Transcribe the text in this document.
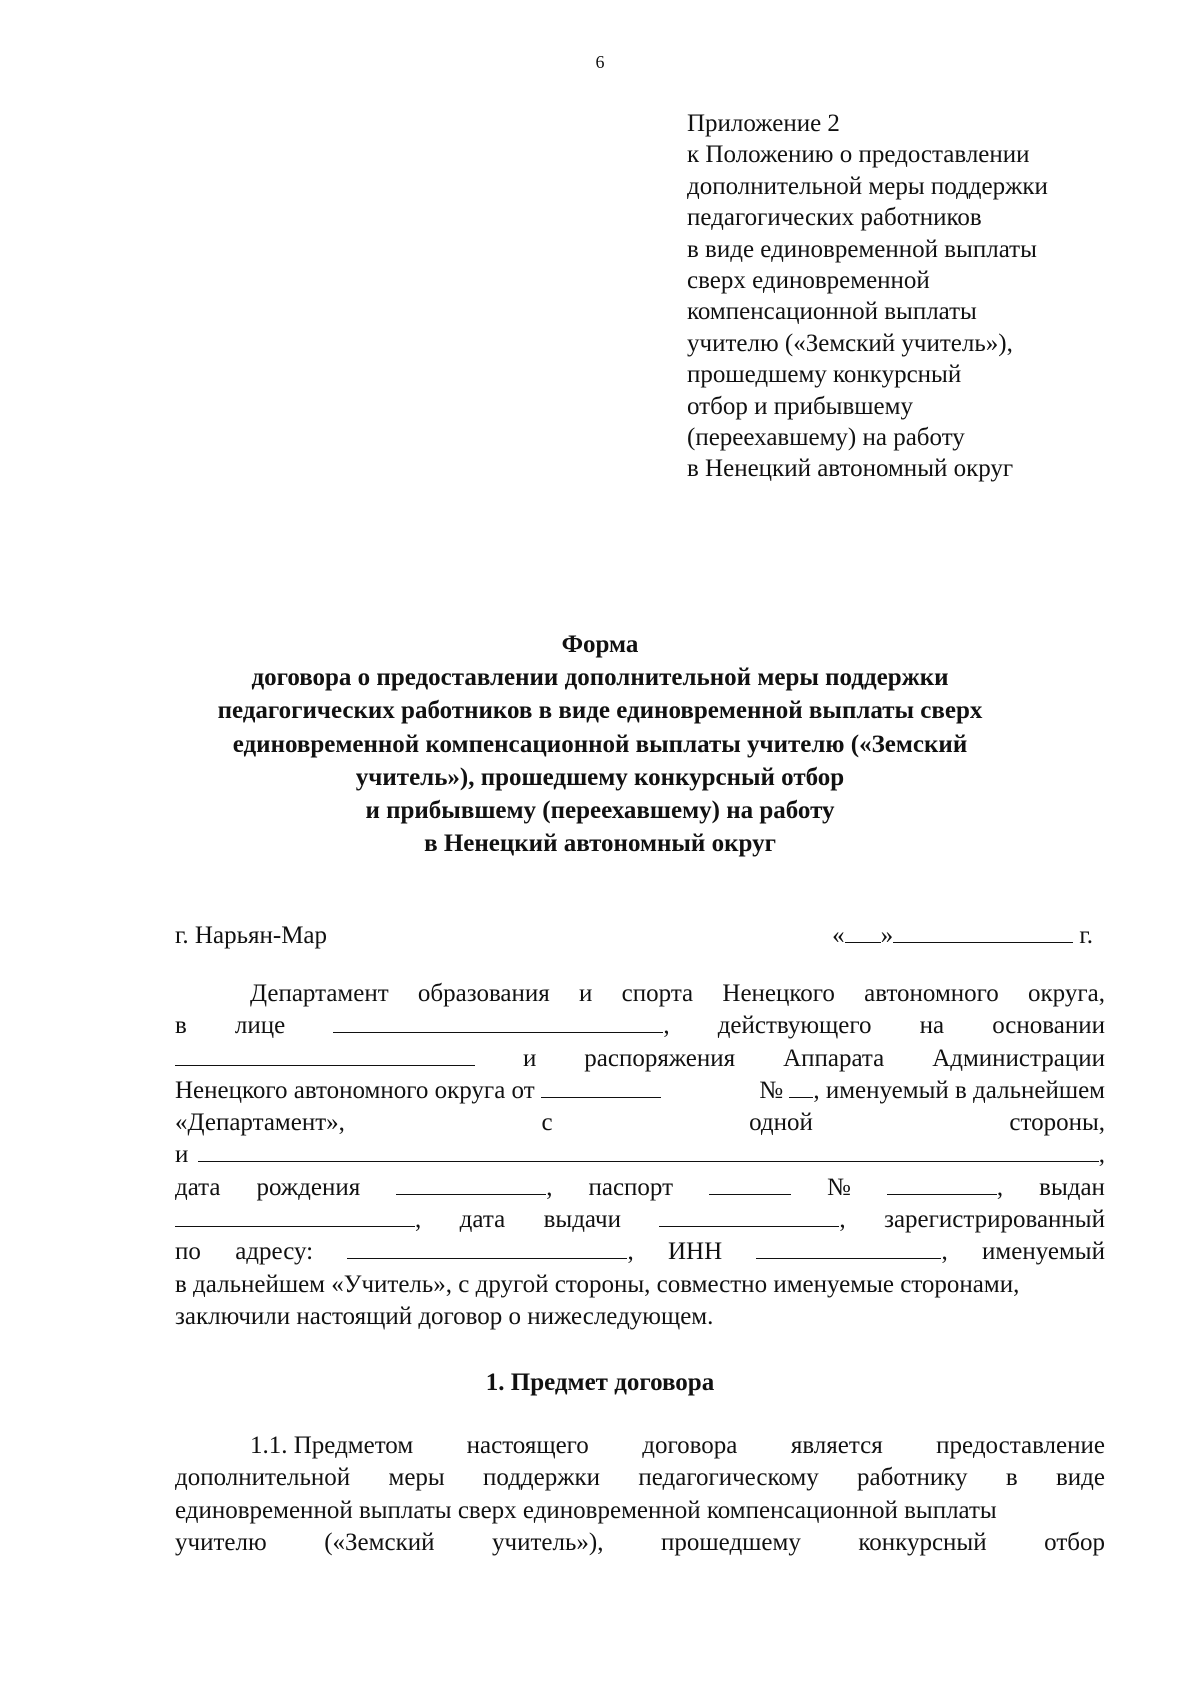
6
Приложение 2
к Положению о предоставлении
дополнительной меры поддержки
педагогических работников
в виде единовременной выплаты
сверх единовременной
компенсационной выплаты
учителю («Земский учитель»),
прошедшему конкурсный
отбор и прибывшему
(переехавшему) на работу
в Ненецкий автономный округ
Форма
договора о предоставлении дополнительной меры поддержки
педагогических работников в виде единовременной выплаты сверх
единовременной компенсационной выплаты учителю («Земский
учитель»), прошедшему конкурсный отбор
и прибывшему (переехавшему) на работу
в Ненецкий автономный округ
г. Нарьян-Мар	« »	г.
Департамент образования и спорта Ненецкого автономного округа,
в лице	, действующего на основании
и распоряжения Аппарата Администрации
Ненецкого автономного округа от	№ , именуемый в дальнейшем
«Департамент»,	с	одной	стороны,
и	,
дата рождения	, паспорт	№	, выдан
, дата выдачи	, зарегистрированный
по адресу:	, ИНН	, именуемый
в дальнейшем «Учитель», с другой стороны, совместно именуемые сторонами,
заключили настоящий договор о нижеследующем.
1. Предмет договора
1.1. Предметом настоящего договора является предоставление
дополнительной меры поддержки педагогическому работнику в виде
единовременной выплаты сверх единовременной компенсационной выплаты
учителю («Земский учитель»), прошедшему конкурсный отбор
